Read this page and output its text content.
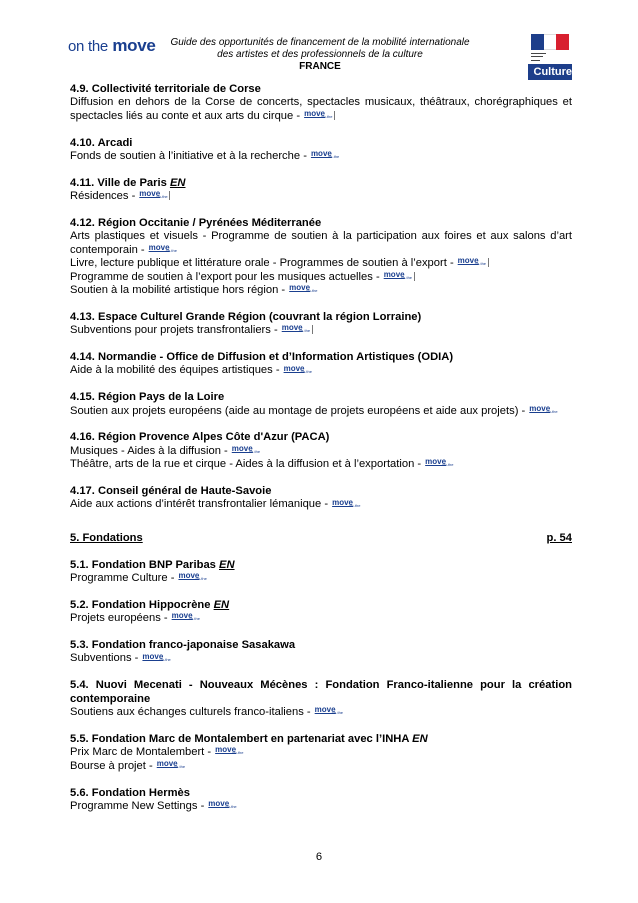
on the move	Guide des opportunités de financement de la mobilité internationale
des artistes et des professionnels de la culture
FRANCE
▬▬▬▬▬
▬▬▬▬
▬▬▬
Culture
4.9. Collectivité territoriale de Corse
Diffusion en dehors de la Corse de concerts, spectacles musicaux, théâtraux, chorégraphiques et spectacles liés au conte et aux arts du cirque - move
on-the
4.10. Arcadi
Fonds de soutien à l’initiative et à la recherche - move
on-the
4.11. Ville de Paris EN
Résidences - move
on-the
4.12. Région Occitanie / Pyrénées Méditerranée
Arts plastiques et visuels - Programme de soutien à la participation aux foires et aux salons d’art contemporain - move
on-the
Livre, lecture publique et littérature orale - Programmes de soutien à l’export - move
on-the
Programme de soutien à l’export pour les musiques actuelles - move
on-the
Soutien à la mobilité artistique hors région - move
on-the
4.13. Espace Culturel Grande Région (couvrant la région Lorraine)
Subventions pour projets transfrontaliers - move
on-the
4.14. Normandie - Office de Diffusion et d’Information Artistiques (ODIA)
Aide à la mobilité des équipes artistiques - move
on-the
4.15. Région Pays de la Loire
Soutien aux projets européens (aide au montage de projets européens et aide aux projets) - move
on-the
4.16. Région Provence Alpes Côte d'Azur (PACA)
Musiques - Aides à la diffusion - move
on-the
Théâtre, arts de la rue et cirque - Aides à la diffusion et à l’exportation - move
on-the
4.17. Conseil général de Haute-Savoie
Aide aux actions d’intérêt transfrontalier lémanique - move
on-the
5. Fondations	p. 54
5.1. Fondation BNP Paribas EN
Programme Culture - move
on-the
5.2. Fondation Hippocrène EN
Projets européens - move
on-the
5.3. Fondation franco-japonaise Sasakawa
Subventions - move
on-the
5.4. Nuovi Mecenati - Nouveaux Mécènes : Fondation Franco-italienne pour la création contemporaine
Soutiens aux échanges culturels franco-italiens - move
on-the
5.5. Fondation Marc de Montalembert en partenariat avec l’INHA EN
Prix Marc de Montalembert - move
on-the
Bourse à projet - move
on-the
5.6. Fondation Hermès
Programme New Settings - move
on-the
6
